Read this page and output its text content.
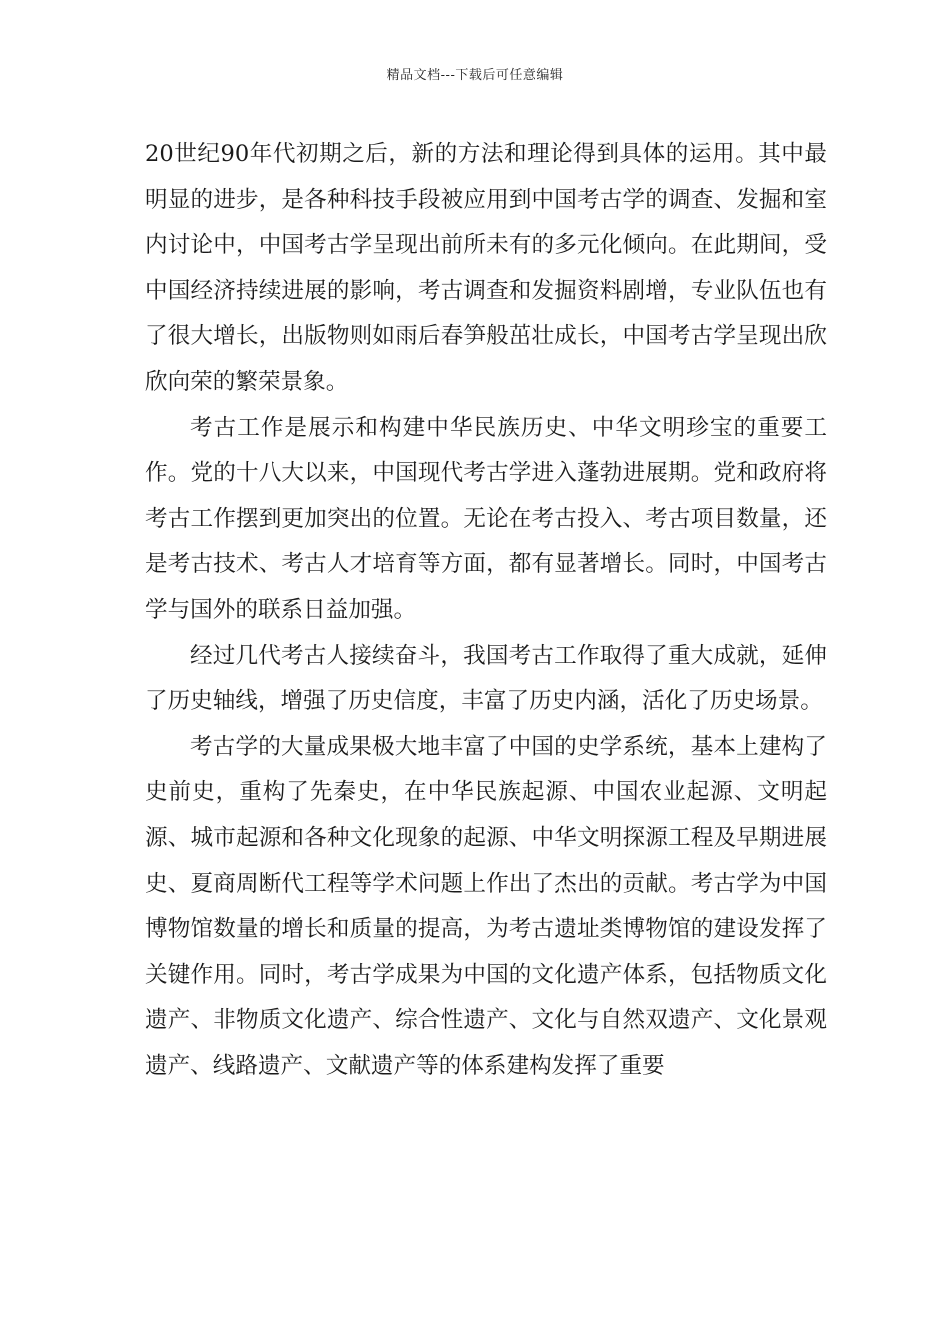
精品文档---下载后可任意编辑

20世纪90年代初期之后，新的方法和理论得到具体的运用。其中最明显的进步，是各种科技手段被应用到中国考古学的调查、发掘和室内讨论中，中国考古学呈现出前所未有的多元化倾向。在此期间，受中国经济持续进展的影响，考古调查和发掘资料剧增，专业队伍也有了很大增长，出版物则如雨后春笋般茁壮成长，中国考古学呈现出欣欣向荣的繁荣景象。

考古工作是展示和构建中华民族历史、中华文明珍宝的重要工作。党的十八大以来，中国现代考古学进入蓬勃进展期。党和政府将考古工作摆到更加突出的位置。无论在考古投入、考古项目数量，还是考古技术、考古人才培育等方面，都有显著增长。同时，中国考古学与国外的联系日益加强。

经过几代考古人接续奋斗，我国考古工作取得了重大成就，延伸了历史轴线，增强了历史信度，丰富了历史内涵，活化了历史场景。

考古学的大量成果极大地丰富了中国的史学系统，基本上建构了史前史，重构了先秦史，在中华民族起源、中国农业起源、文明起源、城市起源和各种文化现象的起源、中华文明探源工程及早期进展史、夏商周断代工程等学术问题上作出了杰出的贡献。考古学为中国博物馆数量的增长和质量的提高，为考古遗址类博物馆的建设发挥了关键作用。同时，考古学成果为中国的文化遗产体系，包括物质文化遗产、非物质文化遗产、综合性遗产、文化与自然双遗产、文化景观遗产、线路遗产、文献遗产等的体系建构发挥了重要
